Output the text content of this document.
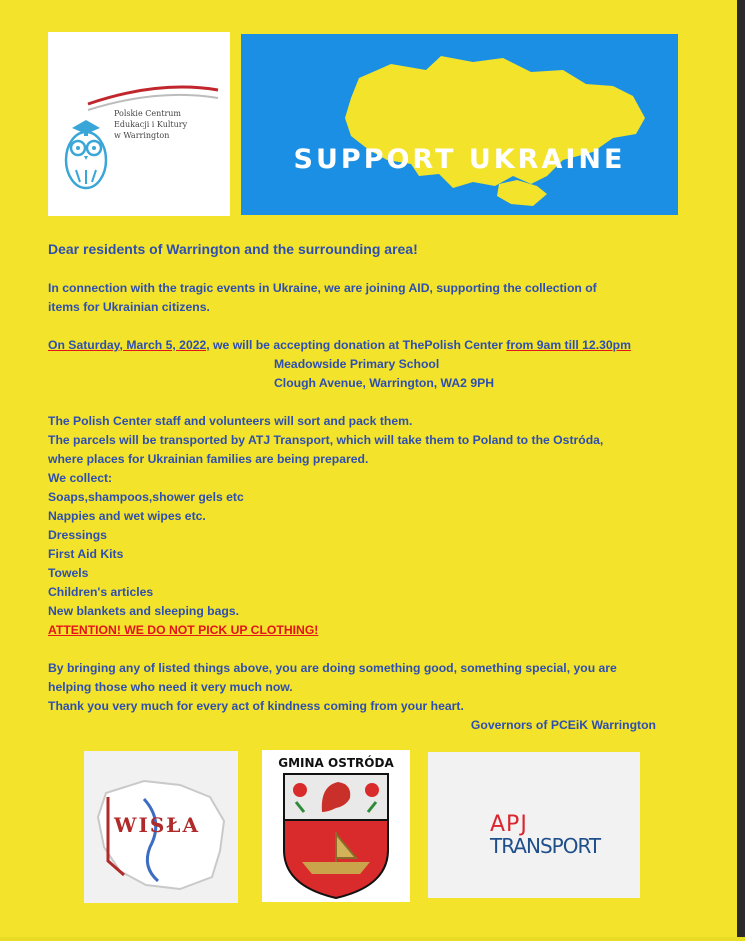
Polskie Centrum
Edukacji i Kultury
w Warrington
SUPPORT UKRAINE
Dear residents of Warrington and the surrounding area!
In connection with the tragic events in Ukraine, we are joining AID, supporting the collection of
items for Ukrainian citizens.
On Saturday, March 5, 2022, we will be accepting donation at ThePolish Center from 9am till 12.30pm
Meadowside Primary School
Clough Avenue, Warrington, WA2 9PH
The Polish Center staff and volunteers will sort and pack them.
The parcels will be transported by ATJ Transport, which will take them to Poland to the Ostróda,
where places for Ukrainian families are being prepared.
We collect:
Soaps,shampoos,shower gels etc
Nappies and wet wipes etc.
Dressings
First Aid Kits
Towels
Children's articles
New blankets and sleeping bags.
ATTENTION! WE DO NOT PICK UP CLOTHING!
By bringing any of listed things above, you are doing something good, something special, you are
helping those who need it very much now.
Thank you very much for every act of kindness coming from your heart.
Governors of PCEiK Warrington
WISŁA
GMINA OSTRÓDA
APJ
TRANSPORT
